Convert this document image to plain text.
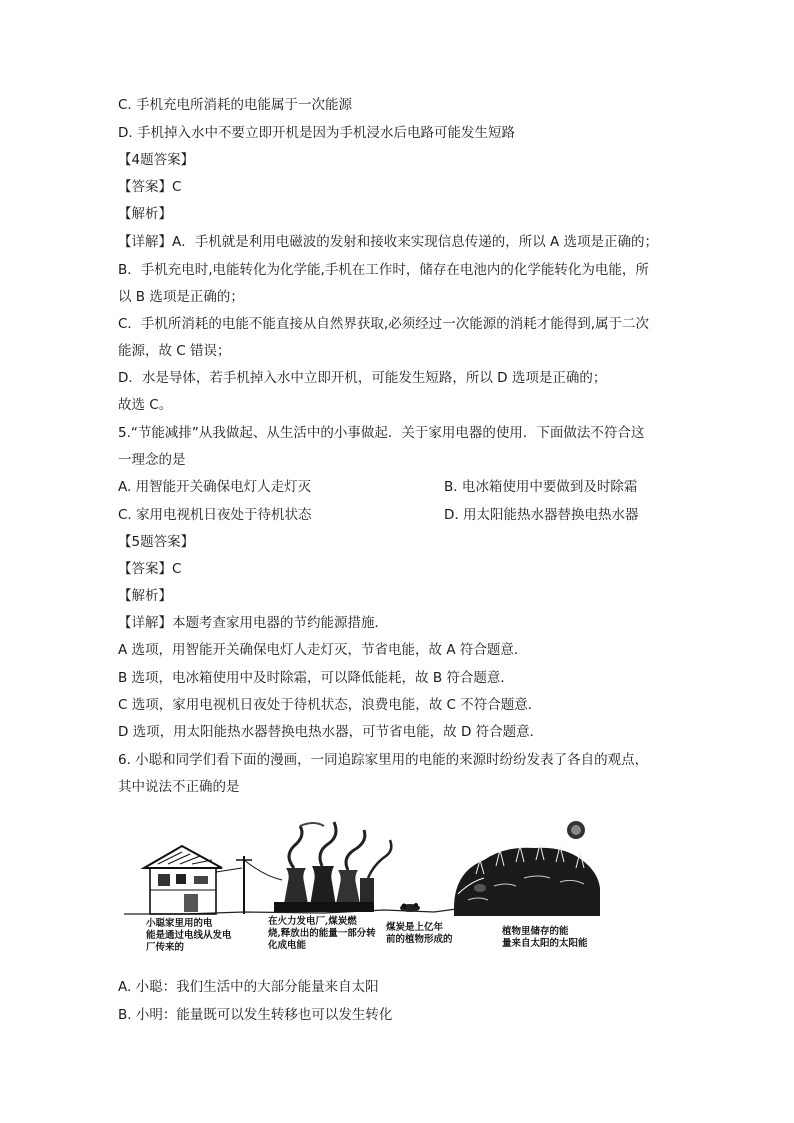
C. 手机充电所消耗的电能属于一次能源
D. 手机掉入水中不要立即开机是因为手机浸水后电路可能发生短路
【4题答案】
【答案】C
【解析】
【详解】A．手机就是利用电磁波的发射和接收来实现信息传递的，所以 A 选项是正确的；
B．手机充电时,电能转化为化学能,手机在工作时，储存在电池内的化学能转化为电能，所
以 B 选项是正确的；
C．手机所消耗的电能不能直接从自然界获取,必须经过一次能源的消耗才能得到,属于二次
能源，故 C 错误；
D．水是导体，若手机掉入水中立即开机，可能发生短路，所以 D 选项是正确的；
故选 C。
5.“节能减排”从我做起、从生活中的小事做起．关于家用电器的使用．下面做法不符合这
一理念的是
A. 用智能开关确保电灯人走灯灭	B. 电冰箱使用中要做到及时除霜
C. 家用电视机日夜处于待机状态	D. 用太阳能热水器替换电热水器
【5题答案】
【答案】C
【解析】
【详解】本题考查家用电器的节约能源措施．
A 选项，用智能开关确保电灯人走灯灭，节省电能，故 A 符合题意．
B 选项，电冰箱使用中及时除霜，可以降低能耗，故 B 符合题意．
C 选项，家用电视机日夜处于待机状态，浪费电能，故 C 不符合题意．
D 选项，用太阳能热水器替换电热水器，可节省电能，故 D 符合题意．
6. 小聪和同学们看下面的漫画，一同追踪家里用的电能的来源时纷纷发表了各自的观点，
其中说法不正确的是
小聪家里用的电
能是通过电线从发电
厂传来的
在火力发电厂,煤炭燃
烧,释放出的能量一部分转
化成电能
煤炭是上亿年
前的植物形成的
植物里储存的能
量来自太阳的太阳能
A. 小聪：我们生活中的大部分能量来自太阳
B. 小明：能量既可以发生转移也可以发生转化
